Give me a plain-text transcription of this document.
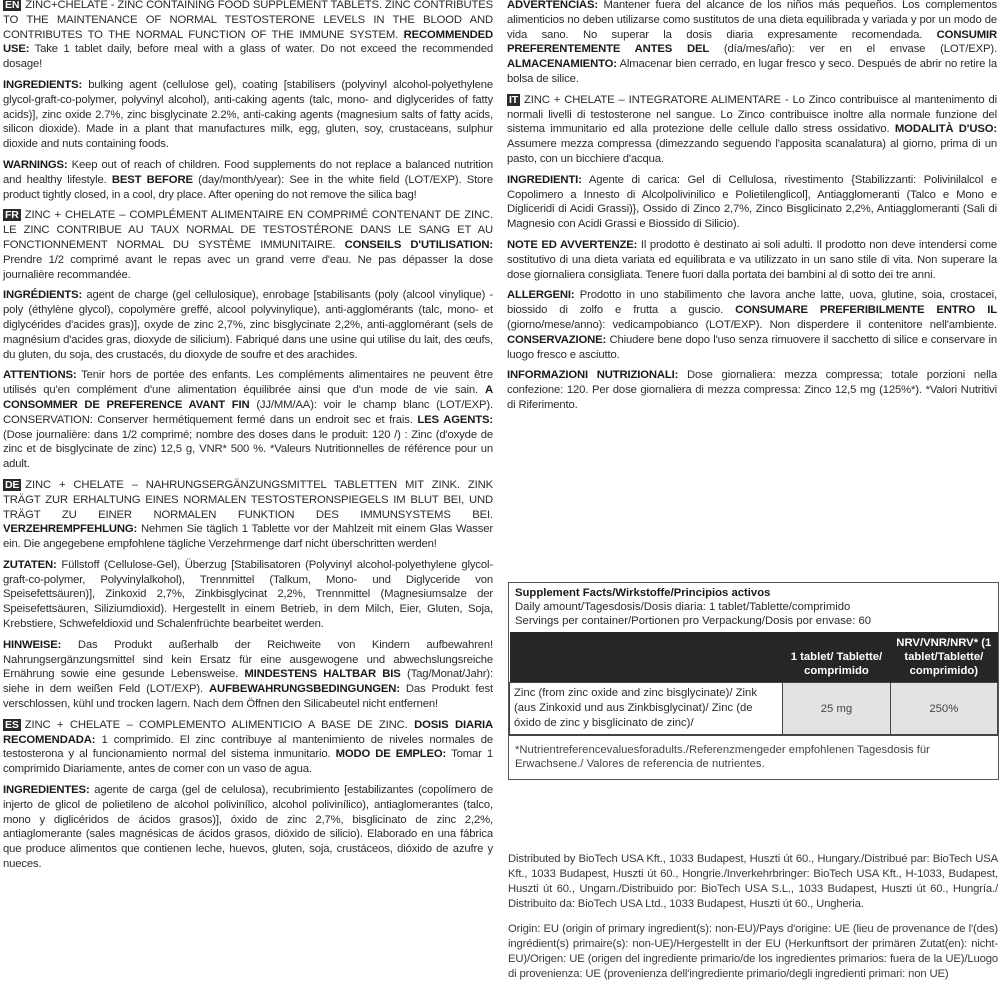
EN ZINC+CHELATE - ZINC CONTAINING FOOD SUPPLEMENT TABLETS. ZINC CONTRIBUTES TO THE MAINTENANCE OF NORMAL TESTOSTERONE LEVELS IN THE BLOOD AND CONTRIBUTES TO THE NORMAL FUNCTION OF THE IMMUNE SYSTEM. RECOMMENDED USE: Take 1 tablet daily, before meal with a glass of water. Do not exceed the recommended dosage!

INGREDIENTS: bulking agent (cellulose gel), coating [stabilisers (polyvinyl alcohol-polyethylene glycol-graft-co-polymer, polyvinyl alcohol), anti-caking agents (talc, mono- and diglycerides of fatty acids)], zinc oxide 2.7%, zinc bisglycinate 2.2%, anti-caking agents (magnesium salts of fatty acids, silicon dioxide). Made in a plant that manufactures milk, egg, gluten, soy, crustaceans, sulphur dioxide and nuts containing foods.

WARNINGS: Keep out of reach of children. Food supplements do not replace a balanced nutrition and healthy lifestyle. BEST BEFORE (day/month/year): See in the white field (LOT/EXP). Store product tightly closed, in a cool, dry place. After opening do not remove the silica bag!

FR ZINC + CHELATE – COMPLÉMENT ALIMENTAIRE EN COMPRIMÉ CONTENANT DE ZINC. LE ZINC CONTRIBUE AU TAUX NORMAL DE TESTOSTÉRONE DANS LE SANG ET AU FONCTIONNEMENT NORMAL DU SYSTÈME IMMUNITAIRE. CONSEILS D'UTILISATION: Prendre 1/2 comprimé avant le repas avec un grand verre d'eau. Ne pas dépasser la dose journalière recommandée.

INGRÉDIENTS: agent de charge (gel cellulosique), enrobage [stabilisants (poly (alcool vinylique) - poly (éthylène glycol), copolymère greffé, alcool polyvinylique), anti-agglomérants (talc, mono- et diglycérides d'acides gras)], oxyde de zinc 2,7%, zinc bisglycinate 2,2%, anti-agglomérant (sels de magnésium d'acides gras, dioxyde de silicium). Fabriqué dans une usine qui utilise du lait, des œufs, du gluten, du soja, des crustacés, du dioxyde de soufre et des arachides.

ATTENTIONS: Tenir hors de portée des enfants. Les compléments alimentaires ne peuvent être utilisés qu'en complément d'une alimentation équilibrée ainsi que d'un mode de vie sain. A CONSOMMER DE PREFERENCE AVANT FIN (JJ/MM/AA): voir le champ blanc (LOT/EXP). CONSERVATION: Conserver hermétiquement fermé dans un endroit sec et frais. LES AGENTS: (Dose journalière: dans 1/2 comprimé; nombre des doses dans le produit: 120 /) : Zinc (d'oxyde de zinc et de bisglycinate de zinc) 12,5 g, VNR* 500 %. *Valeurs Nutritionnelles de référence pour un adult.

DE ZINC + CHELATE – NAHRUNGSERGÄNZUNGSMITTEL TABLETTEN MIT ZINK. ZINK TRÄGT ZUR ERHALTUNG EINES NORMALEN TESTOSTERONSPIEGELS IM BLUT BEI, UND TRÄGT ZU EINER NORMALEN FUNKTION DES IMMUNSYSTEMS BEI. VERZEHREMPFEHLUNG: Nehmen Sie täglich 1 Tablette vor der Mahlzeit mit einem Glas Wasser ein. Die angegebene empfohlene tägliche Verzehrmenge darf nicht überschritten werden!

ZUTATEN: Füllstoff (Cellulose-Gel), Überzug [Stabilisatoren (Polyvinyl alcohol-polyethylene glycol-graft-co-polymer, Polyvinylalkohol), Trennmittel (Talkum, Mono- und Diglyceride von Speisefettsäuren)], Zinkoxid 2,7%, Zinkbisglycinat 2,2%, Trennmittel (Magnesiumsalze der Speisefettsäuren, Siliziumdioxid). Hergestellt in einem Betrieb, in dem Milch, Eier, Gluten, Soja, Krebstiere, Schwefeldioxid und Schalenfrüchte bearbeitet werden.

HINWEISE: Das Produkt außerhalb der Reichweite von Kindern aufbewahren! Nahrungsergänzungsmittel sind kein Ersatz für eine ausgewogene und abwechslungsreiche Ernährung sowie eine gesunde Lebensweise. MINDESTENS HALTBAR BIS (Tag/Monat/Jahr): siehe in dem weißen Feld (LOT/EXP). AUFBEWAHRUNGSBEDINGUNGEN: Das Produkt fest verschlossen, kühl und trocken lagern. Nach dem Öffnen den Silicabeutel nicht entfernen!

ES ZINC + CHELATE – COMPLEMENTO ALIMENTICIO A BASE DE ZINC. DOSIS DIARIA RECOMENDADA: 1 comprimido. El zinc contribuye al mantenimiento de niveles normales de testosterona y al funcionamiento normal del sistema inmunitario. MODO DE EMPLEO: Tomar 1 comprimido Diariamente, antes de comer con un vaso de agua.

INGREDIENTES: agente de carga (gel de celulosa), recubrimiento [estabilizantes (copolímero de injerto de glicol de polietileno de alcohol polivinílico, alcohol polivinílico), antiaglomerantes (talco, mono y diglicéridos de ácidos grasos)], óxido de zinc 2,7%, bisglicinato de zinc 2,2%, antiaglomerante (sales magnésicas de ácidos grasos, dióxido de silicio). Elaborado en una fábrica que produce alimentos que contienen leche, huevos, gluten, soja, crustáceos, dióxido de azufre y nueces.

ADVERTENCIAS: Mantener fuera del alcance de los niños más pequeños. Los complementos alimenticios no deben utilizarse como sustitutos de una dieta equilibrada y variada y por un modo de vida sano. No superar la dosis diaria expresamente recomendada. CONSUMIR PREFERENTEMENTE ANTES DEL (día/mes/año): ver en el envase (LOT/EXP). ALMACENAMIENTO: Almacenar bien cerrado, en lugar fresco y seco. Después de abrir no retire la bolsa de silice.

IT ZINC + CHELATE – INTEGRATORE ALIMENTARE - Lo Zinco contribuisce al mantenimento di normali livelli di testosterone nel sangue. Lo Zinco contribuisce inoltre alla normale funzione del sistema immunitario ed alla protezione delle cellule dallo stress ossidativo. MODALITÀ D'USO: Assumere mezza compressa (dimezzando seguendo l'apposita scanalatura) al giorno, prima di un pasto, con un bicchiere d'acqua.

INGREDIENTI: Agente di carica: Gel di Cellulosa, rivestimento {Stabilizzanti: Polivinilalcol e Copolimero a Innesto di Alcolpolivinilico e Polietilenglicol], Antiagglomeranti (Talco e Mono e Digliceridi di Acidi Grassi)}, Ossido di Zinco 2,7%, Zinco Bisglicinato 2,2%, Antiagglomeranti (Sali di Magnesio con Acidi Grassi e Biossido di Silicio).

NOTE ED AVVERTENZE: Il prodotto è destinato ai soli adulti. Il prodotto non deve intendersi come sostitutivo di una dieta variata ed equilibrata e va utilizzato in un sano stile di vita. Non superare la dose giornaliera consigliata. Tenere fuori dalla portata dei bambini al di sotto dei tre anni.

ALLERGENI: Prodotto in uno stabilimento che lavora anche latte, uova, glutine, soia, crostacei, biossido di zolfo e frutta a guscio. CONSUMARE PREFERIBILMENTE ENTRO IL (giorno/mese/anno): vedicampobianco (LOT/EXP). Non disperdere il contenitore nell'ambiente. CONSERVAZIONE: Chiudere bene dopo l'uso senza rimuovere il sacchetto di silice e conservare in luogo fresco e asciutto.

INFORMAZIONI NUTRIZIONALI: Dose giornaliera: mezza compressa; totale porzioni nella confezione: 120. Per dose giornaliera di mezza compressa: Zinco 12,5 mg (125%*). *Valori Nutritivi di Riferimento.

Supplement Facts/Wirkstoffe/Principios activos
Daily amount/Tagesdosis/Dosis diaria: 1 tablet/Tablette/comprimido
Servings per container/Portionen pro Verpackung/Dosis por envase: 60
	1 tablet/ Tablette/ comprimido	NRV/VNR/NRV* (1 tablet/Tablette/ comprimido)
Zinc (from zinc oxide and zinc bisglycinate)/ Zink (aus Zinkoxid und aus Zinkbisglycinat)/ Zinc (de óxido de zinc y bisglicinato de zinc)/	25 mg	250%
*Nutrientreferencevaluesforadults./Referenzmengeder empfohlenen Tagesdosis für Erwachsene./ Valores de referencia de nutrientes.

Distributed by BioTech USA Kft., 1033 Budapest, Huszti út 60., Hungary./Distribué par: BioTech USA Kft., 1033 Budapest, Huszti út 60., Hongrie./Inverkehrbringer: BioTech USA Kft., H-1033, Budapest, Huszti út 60., Ungarn./Distribuido por: BioTech USA S.L., 1033 Budapest, Huszti út 60., Hungría./ Distribuito da: BioTech USA Ltd., 1033 Budapest, Huszti út 60., Ungheria.

Origin: EU (origin of primary ingredient(s): non-EU)/Pays d'origine: UE (lieu de provenance de l'(des) ingrédient(s) primaire(s): non-UE)/Hergestellt in der EU (Herkunftsort der primären Zutat(en): nicht-EU)/Origen: UE (origen del ingrediente primario/de los ingredientes primarios: fuera de la UE)/Luogo di provenienza: UE (provenienza dell'ingrediente primario/degli ingredienti primari: non UE)
